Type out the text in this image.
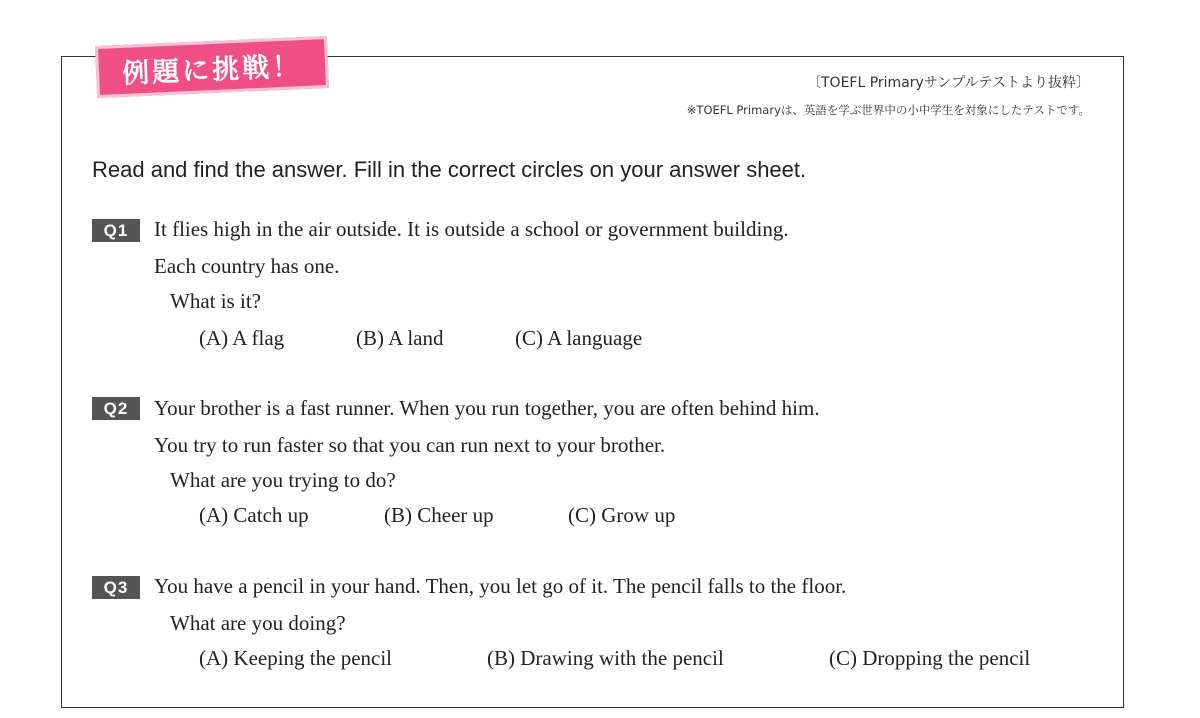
例題に挑戦！	〔TOEFL Primaryサンプルテストより抜粋〕
※TOEFL Primaryは、英語を学ぶ世界中の小中学生を対象にしたテストです。
Read and find the answer. Fill in the correct circles on your answer sheet.
Q1	It flies high in the air outside. It is outside a school or government building.
Each country has one.
What is it?
(A) A flag	(B) A land	(C) A language
Q2	Your brother is a fast runner. When you run together, you are often behind him.
You try to run faster so that you can run next to your brother.
What are you trying to do?
(A) Catch up	(B) Cheer up	(C) Grow up
Q3	You have a pencil in your hand. Then, you let go of it. The pencil falls to the floor.
What are you doing?
(A) Keeping the pencil	(B) Drawing with the pencil	(C) Dropping the pencil
